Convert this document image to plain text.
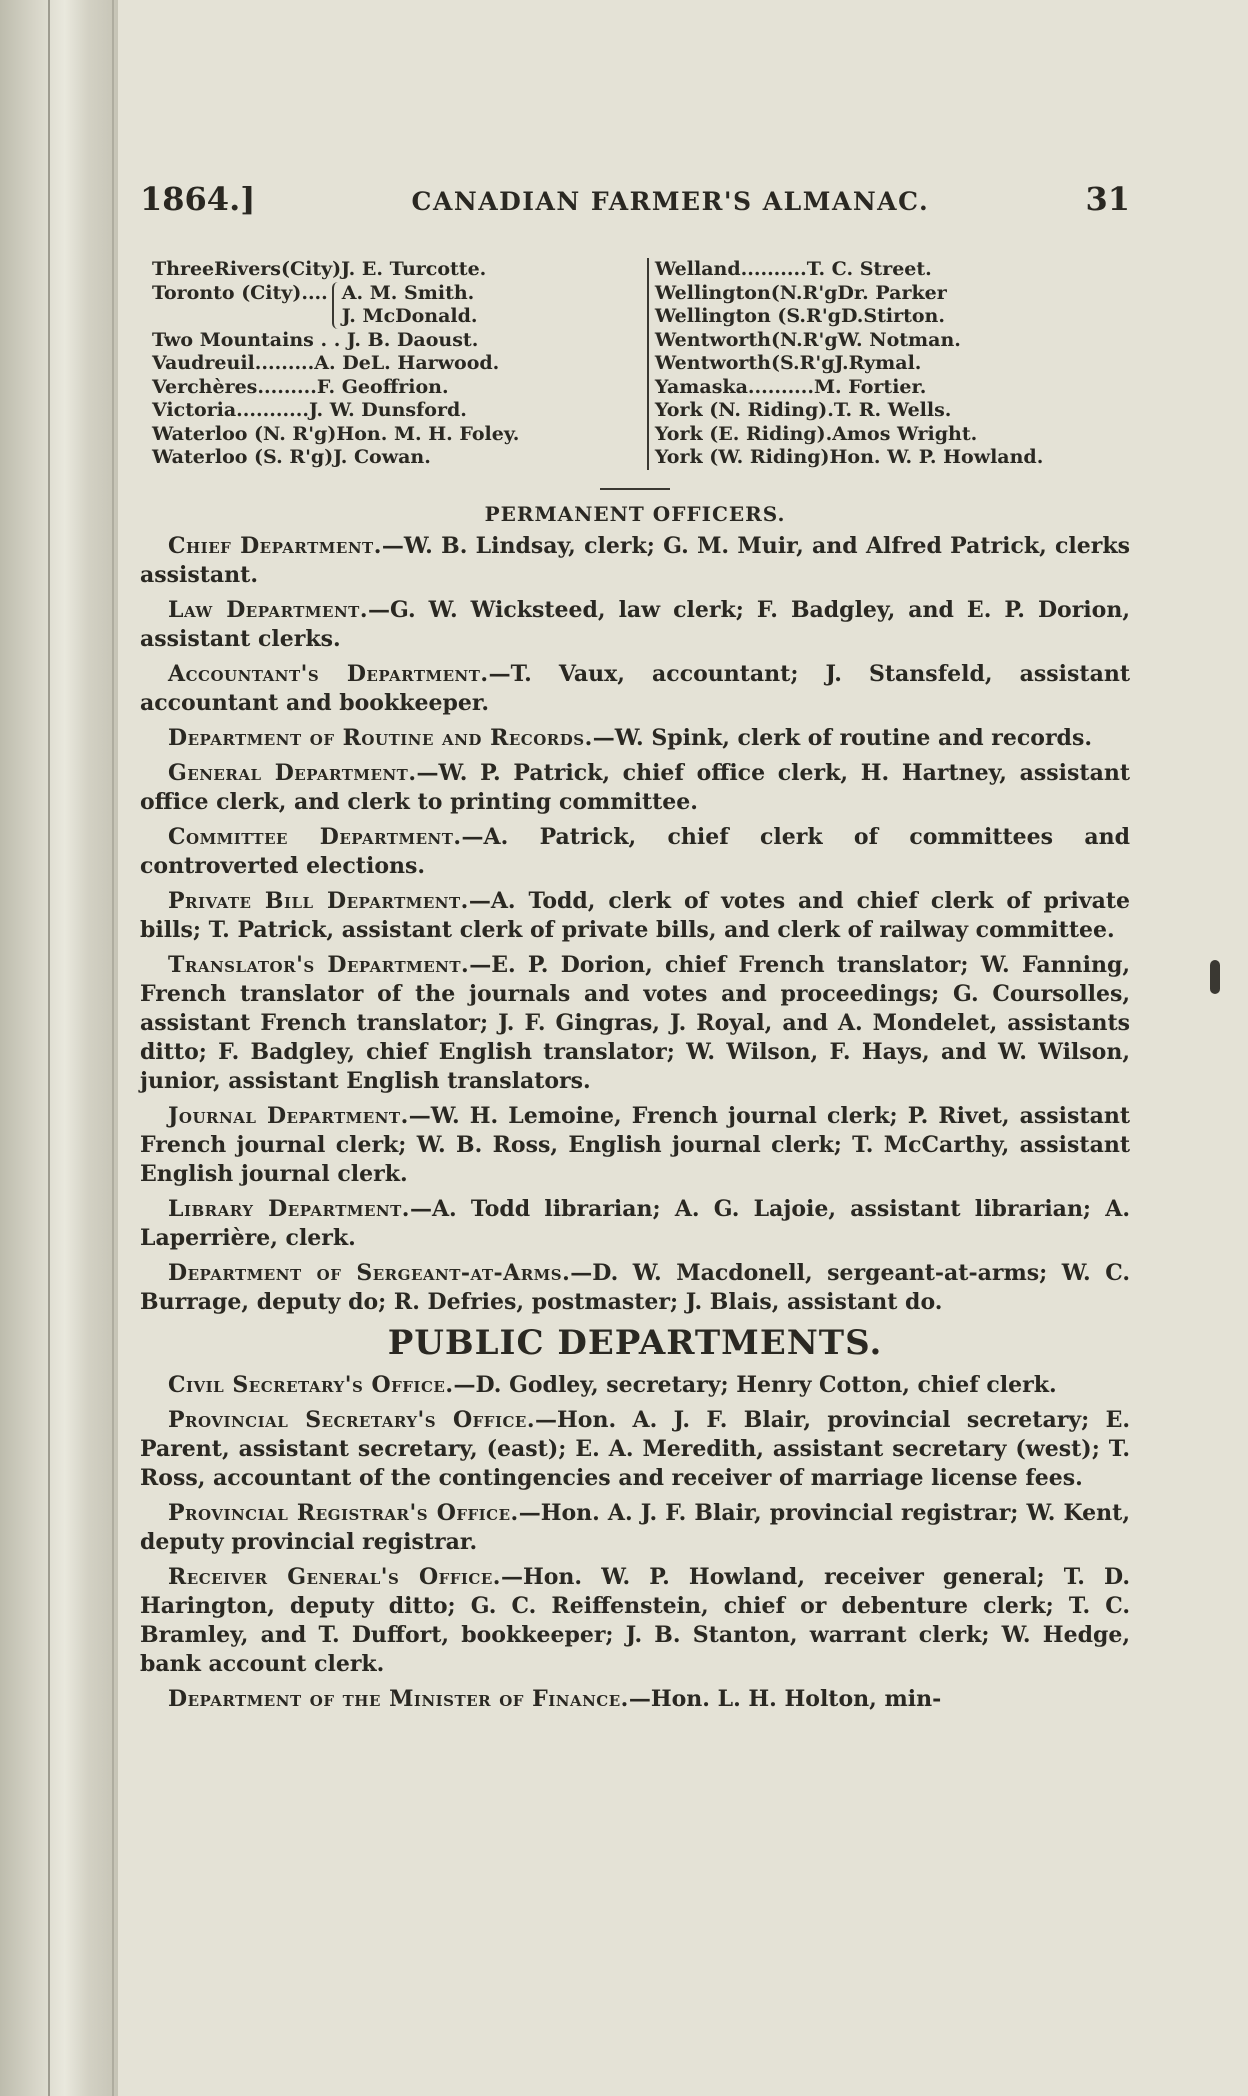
1864.]	CANADIAN FARMER'S ALMANAC.	31
ThreeRivers(City)J. E. Turcotte.
Toronto (City).... A. M. Smith.
J. McDonald.
Two Mountains . . J. B. Daoust.
Vaudreuil.........A. DeL. Harwood.
Verchères.........F. Geoffrion.
Victoria...........J. W. Dunsford.
Waterloo (N. R'g)Hon. M. H. Foley.
Waterloo (S. R'g)J. Cowan.
Welland..........T. C. Street.
Wellington(N.R'gDr. Parker
Wellington (S.R'gD.Stirton.
Wentworth(N.R'gW. Notman.
Wentworth(S.R'gJ.Rymal.
Yamaska..........M. Fortier.
York (N. Riding).T. R. Wells.
York (E. Riding).Amos Wright.
York (W. Riding)Hon. W. P. Howland.
PERMANENT OFFICERS.

Chief Department.—W. B. Lindsay, clerk; G. M. Muir, and Alfred Patrick, clerks assistant.

Law Department.—G. W. Wicksteed, law clerk; F. Badgley, and E. P. Dorion, assistant clerks.

Accountant's Department.—T. Vaux, accountant; J. Stansfeld, assistant accountant and bookkeeper.

Department of Routine and Records.—W. Spink, clerk of routine and records.

General Department.—W. P. Patrick, chief office clerk, H. Hartney, assistant office clerk, and clerk to printing committee.

Committee Department.—A. Patrick, chief clerk of committees and controverted elections.

Private Bill Department.—A. Todd, clerk of votes and chief clerk of private bills; T. Patrick, assistant clerk of private bills, and clerk of railway committee.

Translator's Department.—E. P. Dorion, chief French translator; W. Fanning, French translator of the journals and votes and proceedings; G. Coursolles, assistant French translator; J. F. Gingras, J. Royal, and A. Mondelet, assistants ditto; F. Badgley, chief English translator; W. Wilson, F. Hays, and W. Wilson, junior, assistant English translators.

Journal Department.—W. H. Lemoine, French journal clerk; P. Rivet, assistant French journal clerk; W. B. Ross, English journal clerk; T. McCarthy, assistant English journal clerk.

Library Department.—A. Todd librarian; A. G. Lajoie, assistant librarian; A. Laperrière, clerk.

Department of Sergeant-at-Arms.—D. W. Macdonell, sergeant-at-arms; W. C. Burrage, deputy do; R. Defries, postmaster; J. Blais, assistant do.

PUBLIC DEPARTMENTS.

Civil Secretary's Office.—D. Godley, secretary; Henry Cotton, chief clerk.

Provincial Secretary's Office.—Hon. A. J. F. Blair, provincial secretary; E. Parent, assistant secretary, (east); E. A. Meredith, assistant secretary (west); T. Ross, accountant of the contingencies and receiver of marriage license fees.

Provincial Registrar's Office.—Hon. A. J. F. Blair, provincial registrar; W. Kent, deputy provincial registrar.

Receiver General's Office.—Hon. W. P. Howland, receiver general; T. D. Harington, deputy ditto; G. C. Reiffenstein, chief or debenture clerk; T. C. Bramley, and T. Duffort, bookkeeper; J. B. Stanton, warrant clerk; W. Hedge, bank account clerk.

Department of the Minister of Finance.—Hon. L. H. Holton, min-
